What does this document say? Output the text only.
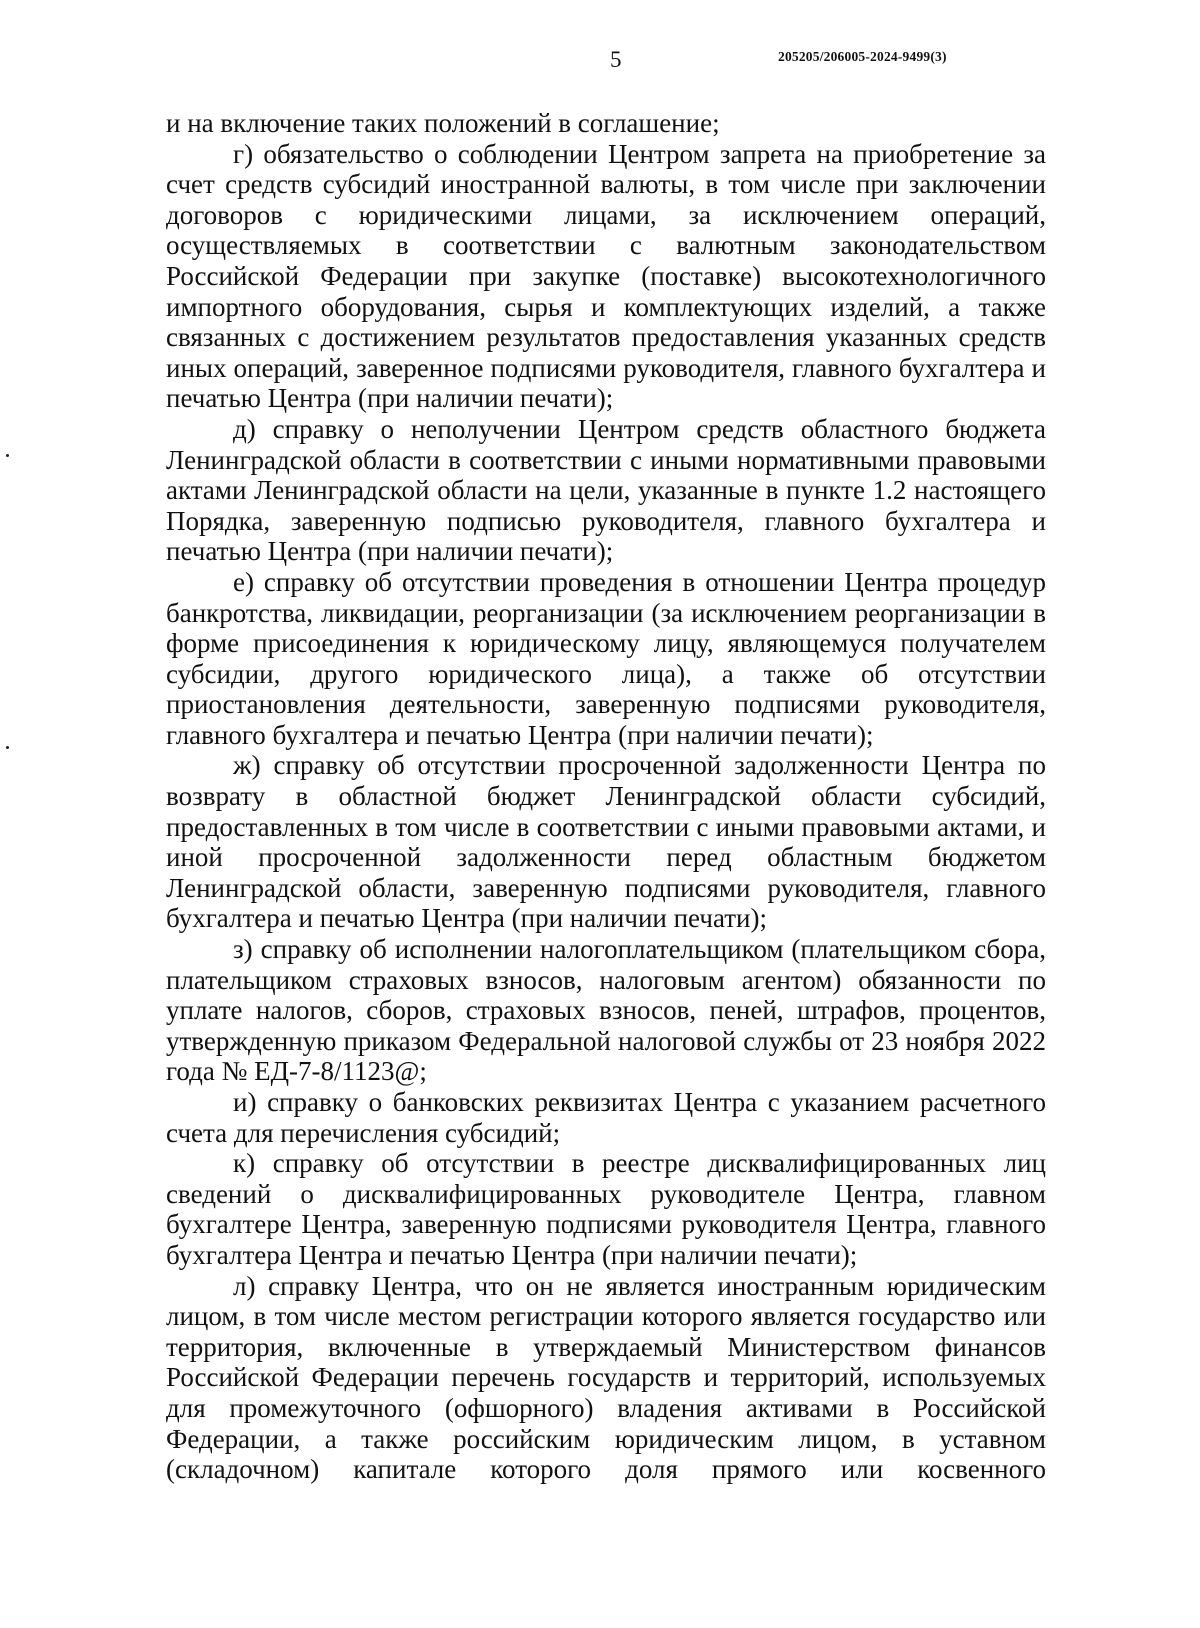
5	205205/206005-2024-9499(3)

и на включение таких положений в соглашение;

г) обязательство о соблюдении Центром запрета на приобретение за счет средств субсидий иностранной валюты, в том числе при заключении договоров с юридическими лицами, за исключением операций, осуществляемых в соответствии с валютным законодательством Российской Федерации при закупке (поставке) высокотехнологичного импортного оборудования, сырья и комплектующих изделий, а также связанных с достижением результатов предоставления указанных средств иных операций, заверенное подписями руководителя, главного бухгалтера и печатью Центра (при наличии печати);

д) справку о неполучении Центром средств областного бюджета Ленинградской области в соответствии с иными нормативными правовыми актами Ленинградской области на цели, указанные в пункте 1.2 настоящего Порядка, заверенную подписью руководителя, главного бухгалтера и печатью Центра (при наличии печати);

е) справку об отсутствии проведения в отношении Центра процедур банкротства, ликвидации, реорганизации (за исключением реорганизации в форме присоединения к юридическому лицу, являющемуся получателем субсидии, другого юридического лица), а также об отсутствии приостановления деятельности, заверенную подписями руководителя, главного бухгалтера и печатью Центра (при наличии печати);

ж) справку об отсутствии просроченной задолженности Центра по возврату в областной бюджет Ленинградской области субсидий, предоставленных в том числе в соответствии с иными правовыми актами, и иной просроченной задолженности перед областным бюджетом Ленинградской области, заверенную подписями руководителя, главного бухгалтера и печатью Центра (при наличии печати);

з) справку об исполнении налогоплательщиком (плательщиком сбора, плательщиком страховых взносов, налоговым агентом) обязанности по уплате налогов, сборов, страховых взносов, пеней, штрафов, процентов, утвержденную приказом Федеральной налоговой службы от 23 ноября 2022 года № ЕД-7-8/1123@;

и) справку о банковских реквизитах Центра с указанием расчетного счета для перечисления субсидий;

к) справку об отсутствии в реестре дисквалифицированных лиц сведений о дисквалифицированных руководителе Центра, главном бухгалтере Центра, заверенную подписями руководителя Центра, главного бухгалтера Центра и печатью Центра (при наличии печати);

л) справку Центра, что он не является иностранным юридическим лицом, в том числе местом регистрации которого является государство или территория, включенные в утверждаемый Министерством финансов Российской Федерации перечень государств и территорий, используемых для промежуточного (офшорного) владения активами в Российской Федерации, а также российским юридическим лицом, в уставном (складочном) капитале которого доля прямого или косвенного
